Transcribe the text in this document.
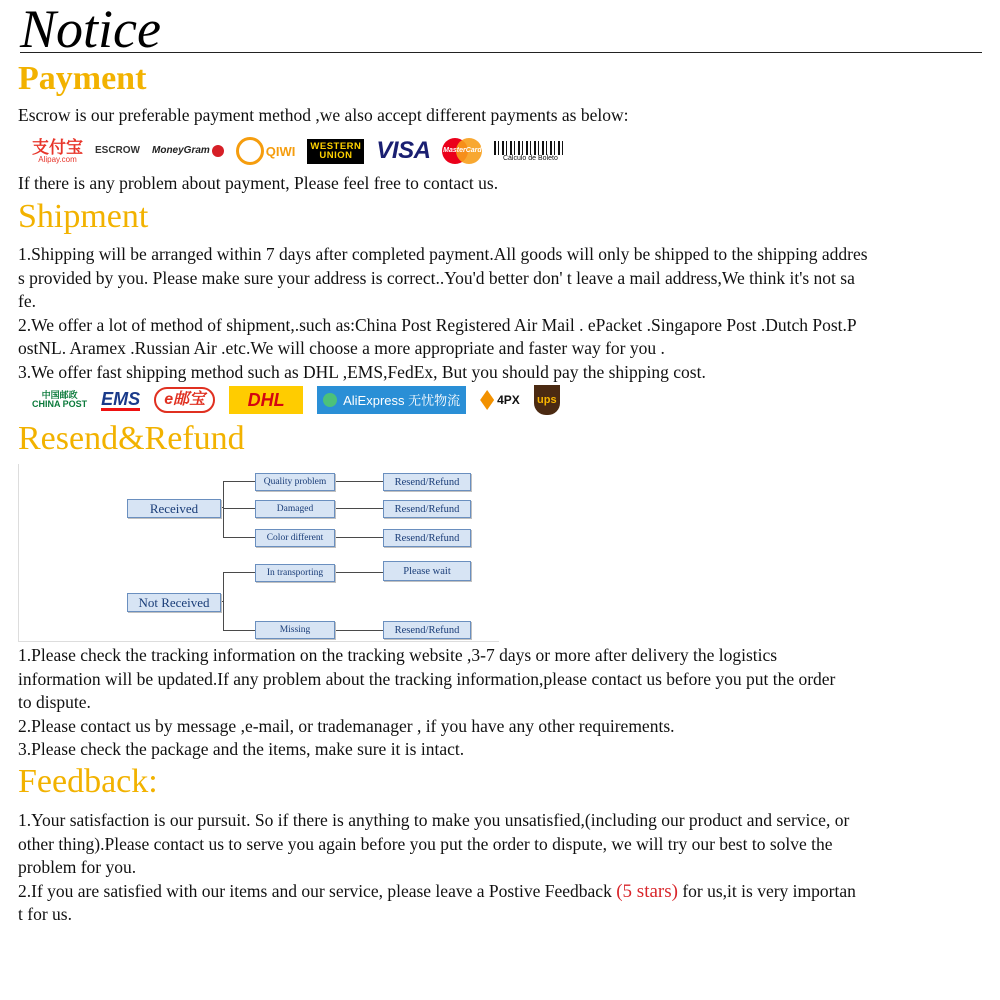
Notice
Payment
Escrow is our preferable payment method ,we also accept different payments as below:
支付宝
Alipay.com
ESCROW MoneyGram	QIWI WESTERN
UNION VISA MasterCard
Cálculo de Boleto
If there is any problem about payment, Please feel free to contact us.
Shipment
1.Shipping will be arranged within 7 days after completed payment.All goods will only be shipped to the shipping addres
s provided by you. Please make sure your address is correct..You'd better don' t leave a mail address,We think it's not sa
fe.
2.We offer a lot of method of shipment,.such as:China Post Registered Air Mail . ePacket .Singapore Post .Dutch Post.P
ostNL. Aramex .Russian Air .etc.We will choose a more appropriate and faster way for you .
3.We offer fast shipping method such as DHL ,EMS,FedEx, But you should pay the shipping cost.
中国邮政
CHINA POST EMS	e邮宝	DHL	AliExpress 无忧物流	4PX ups
Resend&Refund
Received
Quality problem
Damaged
Color different
Resend/Refund
Resend/Refund
Resend/Refund
Not Received
In transporting
Missing
Please wait
Resend/Refund
1.Please check the tracking information on the tracking website ,3-7 days or more after delivery the logistics
information will be updated.If any problem about the tracking information,please contact us before you put the order
to dispute.
2.Please contact us by message ,e-mail, or trademanager , if you have any other requirements.
3.Please check the package and the items, make sure it is intact.
Feedback:
1.Your satisfaction is our pursuit. So if there is anything to make you unsatisfied,(including our product and service, or
other thing).Please contact us to serve you again before you put the order to dispute, we will try our best to solve the
problem for you.
2.If you are satisfied with our items and our service, please leave a Postive Feedback (5 stars) for us,it is very importan
t for us.
